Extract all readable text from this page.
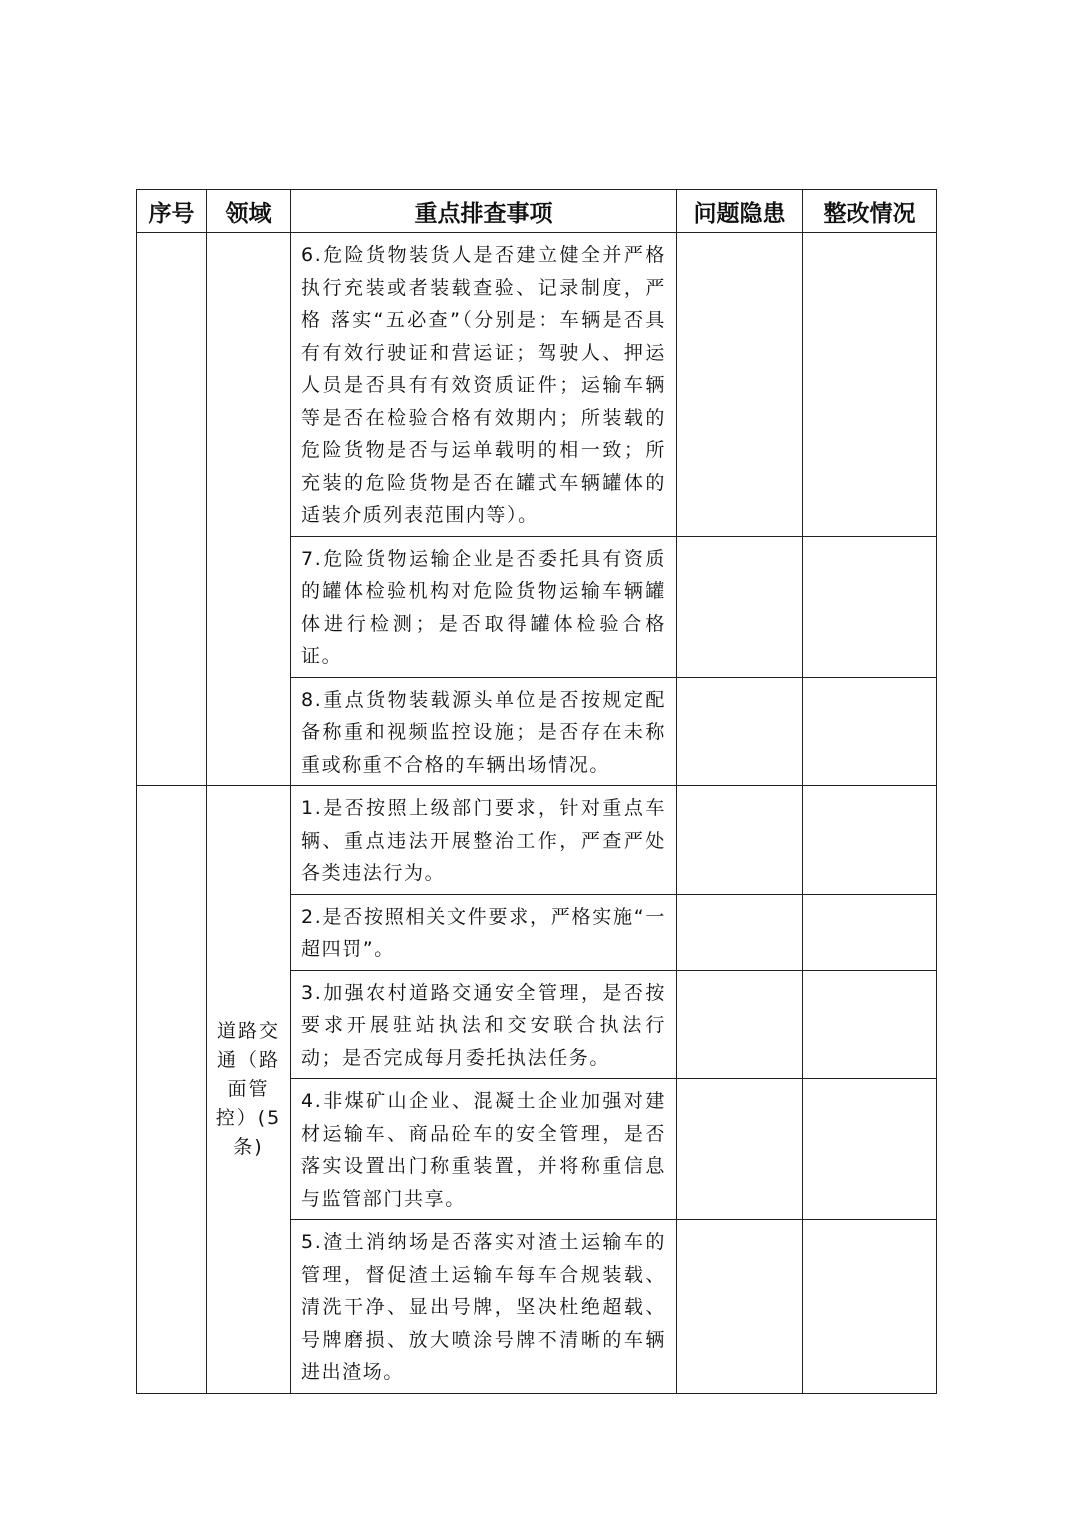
序号	领域	重点排查事项	问题隐患	整改情况
		6.危险货物装货人是否建立健全并严格执行充装或者装载查验、记录制度，严格 落实“五必查”（分别是：车辆是否具有有效行驶证和营运证；驾驶人、押运人员是否具有有效资质证件；运输车辆等是否在检验合格有效期内；所装载的危险货物是否与运单载明的相一致；所充装的危险货物是否在罐式车辆罐体的适装介质列表范围内等）。		
		7.危险货物运输企业是否委托具有资质的罐体检验机构对危险货物运输车辆罐 体进行检测；是否取得罐体检验合格证。		
		8.重点货物装载源头单位是否按规定配备称重和视频监控设施；是否存在未称重或称重不合格的车辆出场情况。		

	道路交通（路面管控）(5条)	1.是否按照上级部门要求，针对重点车辆、重点违法开展整治工作，严查严处各类违法行为。		
		2.是否按照相关文件要求，严格实施“一超四罚”。		
		3.加强农村道路交通安全管理，是否按要求开展驻站执法和交安联合执法行动；是否完成每月委托执法任务。		
		4.非煤矿山企业、混凝土企业加强对建材运输车、商品砼车的安全管理，是否落实设置出门称重装置，并将称重信息与监管部门共享。		
		5.渣土消纳场是否落实对渣土运输车的管理，督促渣土运输车每车合规装载、清洗干净、显出号牌，坚决杜绝超载、号牌磨损、放大喷涂号牌不清晰的车辆进出渣场。		
